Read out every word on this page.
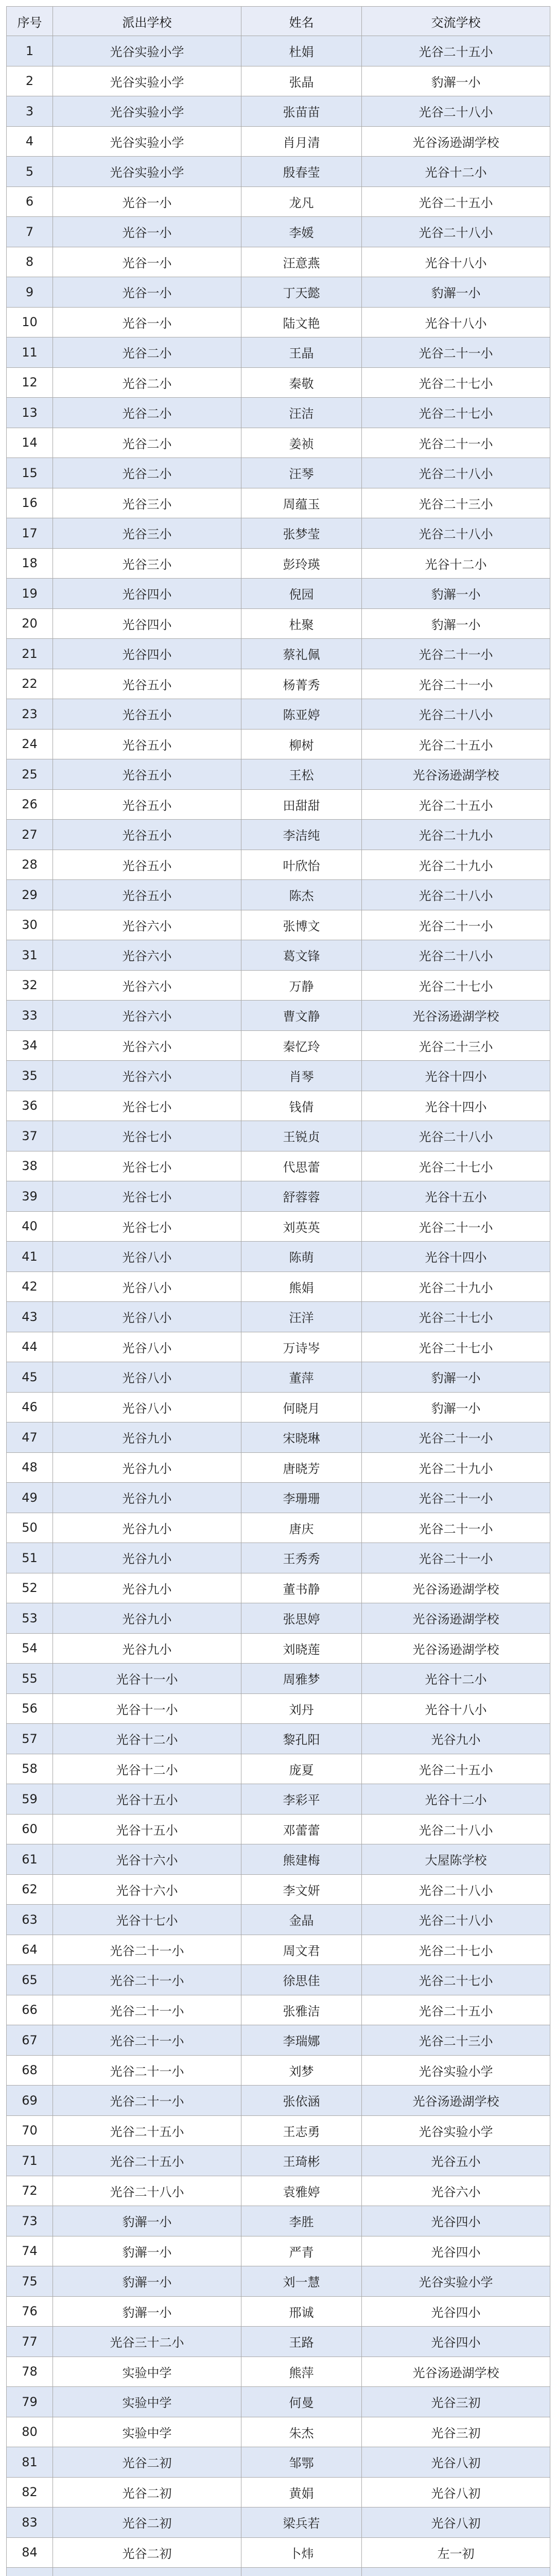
序号	派出学校	姓名	交流学校
1	光谷实验小学	杜娟	光谷二十五小
2	光谷实验小学	张晶	豹澥一小
3	光谷实验小学	张苗苗	光谷二十八小
4	光谷实验小学	肖月清	光谷汤逊湖学校
5	光谷实验小学	殷春莹	光谷十二小
6	光谷一小	龙凡	光谷二十五小
7	光谷一小	李媛	光谷二十八小
8	光谷一小	汪意燕	光谷十八小
9	光谷一小	丁天懿	豹澥一小
10	光谷一小	陆文艳	光谷十八小
11	光谷二小	王晶	光谷二十一小
12	光谷二小	秦敬	光谷二十七小
13	光谷二小	汪洁	光谷二十七小
14	光谷二小	姜祯	光谷二十一小
15	光谷二小	汪琴	光谷二十八小
16	光谷三小	周蕴玉	光谷二十三小
17	光谷三小	张梦莹	光谷二十八小
18	光谷三小	彭玲瑛	光谷十二小
19	光谷四小	倪园	豹澥一小
20	光谷四小	杜聚	豹澥一小
21	光谷四小	蔡礼佩	光谷二十一小
22	光谷五小	杨菁秀	光谷二十一小
23	光谷五小	陈亚婷	光谷二十八小
24	光谷五小	柳树	光谷二十五小
25	光谷五小	王松	光谷汤逊湖学校
26	光谷五小	田甜甜	光谷二十五小
27	光谷五小	李洁纯	光谷二十九小
28	光谷五小	叶欣怡	光谷二十九小
29	光谷五小	陈杰	光谷二十八小
30	光谷六小	张博文	光谷二十一小
31	光谷六小	葛文锋	光谷二十八小
32	光谷六小	万静	光谷二十七小
33	光谷六小	曹文静	光谷汤逊湖学校
34	光谷六小	秦忆玲	光谷二十三小
35	光谷六小	肖琴	光谷十四小
36	光谷七小	钱倩	光谷十四小
37	光谷七小	王锐贞	光谷二十八小
38	光谷七小	代思蕾	光谷二十七小
39	光谷七小	舒蓉蓉	光谷十五小
40	光谷七小	刘英英	光谷二十一小
41	光谷八小	陈萌	光谷十四小
42	光谷八小	熊娟	光谷二十九小
43	光谷八小	汪洋	光谷二十七小
44	光谷八小	万诗岑	光谷二十七小
45	光谷八小	董萍	豹澥一小
46	光谷八小	何晓月	豹澥一小
47	光谷九小	宋晓琳	光谷二十一小
48	光谷九小	唐晓芳	光谷二十九小
49	光谷九小	李珊珊	光谷二十一小
50	光谷九小	唐庆	光谷二十一小
51	光谷九小	王秀秀	光谷二十一小
52	光谷九小	董书静	光谷汤逊湖学校
53	光谷九小	张思婷	光谷汤逊湖学校
54	光谷九小	刘晓莲	光谷汤逊湖学校
55	光谷十一小	周雅梦	光谷十二小
56	光谷十一小	刘丹	光谷十八小
57	光谷十二小	黎孔阳	光谷九小
58	光谷十二小	庞夏	光谷二十五小
59	光谷十五小	李彩平	光谷十二小
60	光谷十五小	邓蕾蕾	光谷二十八小
61	光谷十六小	熊建梅	大屋陈学校
62	光谷十六小	李文妍	光谷二十八小
63	光谷十七小	金晶	光谷二十八小
64	光谷二十一小	周文君	光谷二十七小
65	光谷二十一小	徐思佳	光谷二十七小
66	光谷二十一小	张雅洁	光谷二十五小
67	光谷二十一小	李瑞娜	光谷二十三小
68	光谷二十一小	刘梦	光谷实验小学
69	光谷二十一小	张依涵	光谷汤逊湖学校
70	光谷二十五小	王志勇	光谷实验小学
71	光谷二十五小	王琦彬	光谷五小
72	光谷二十八小	袁雅婷	光谷六小
73	豹澥一小	李胜	光谷四小
74	豹澥一小	严青	光谷四小
75	豹澥一小	刘一慧	光谷实验小学
76	豹澥一小	邢诚	光谷四小
77	光谷三十二小	王路	光谷四小
78	实验中学	熊萍	光谷汤逊湖学校
79	实验中学	何曼	光谷三初
80	实验中学	朱杰	光谷三初
81	光谷二初	邹鄂	光谷八初
82	光谷二初	黄娟	光谷八初
83	光谷二初	梁兵若	光谷八初
84	光谷二初	卜炜	左一初
